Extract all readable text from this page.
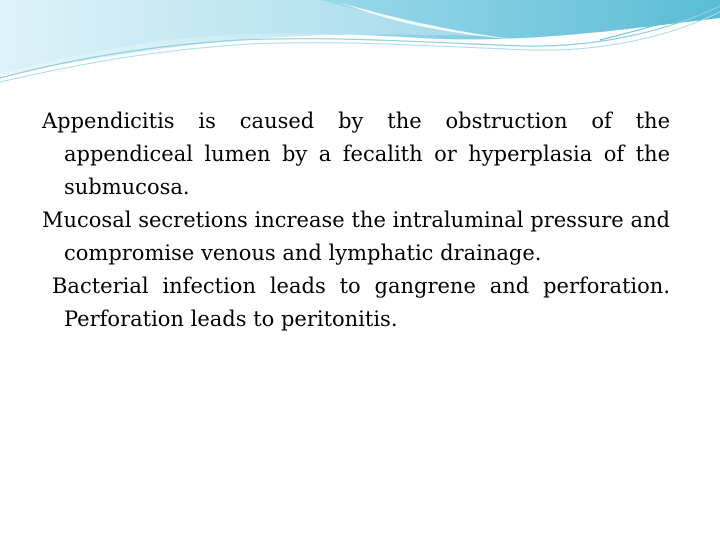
Appendicitis is caused by the obstruction of the appendiceal lumen by a fecalith or hyperplasia of the submucosa.

Mucosal secretions increase the intraluminal pressure and compromise venous and lymphatic drainage.

Bacterial infection leads to gangrene and perforation. Perforation leads to peritonitis.
